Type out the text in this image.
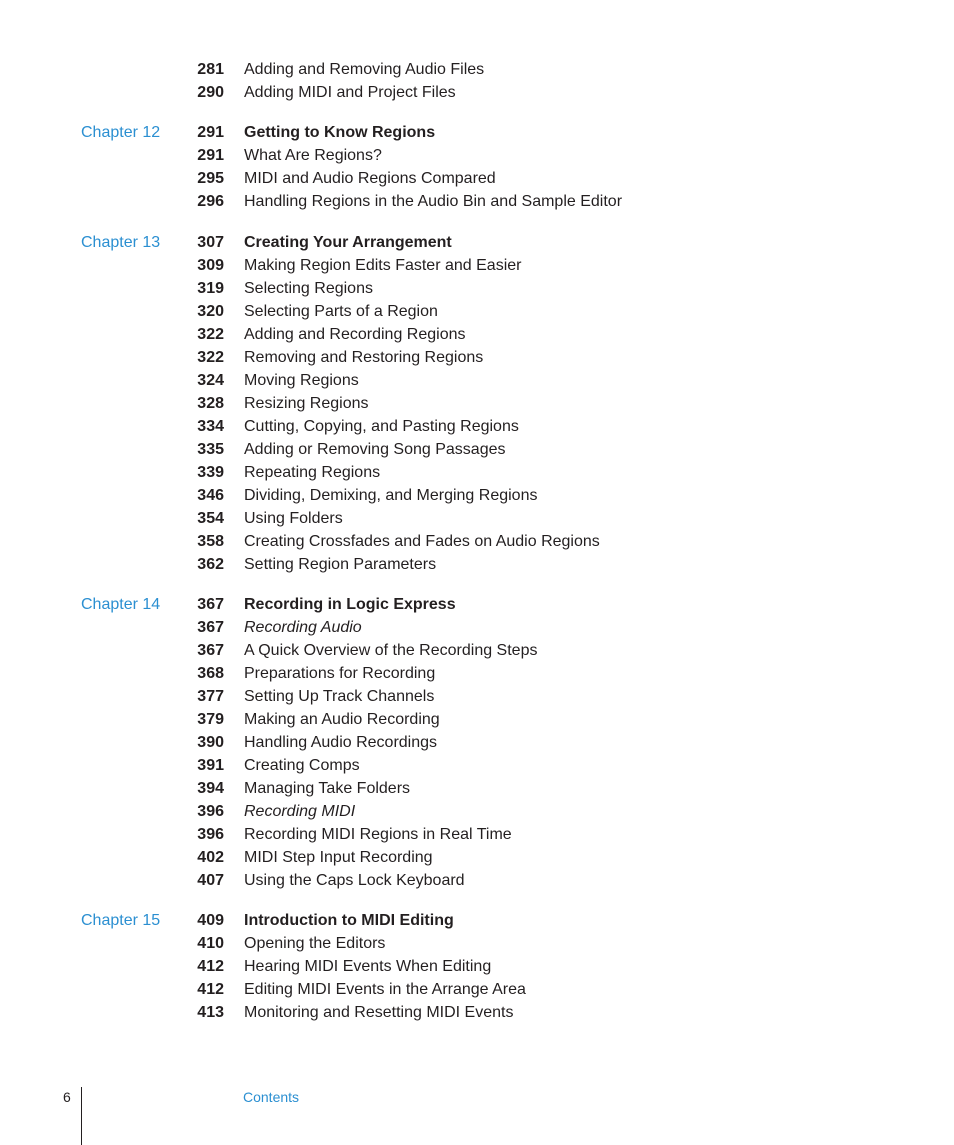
281 Adding and Removing Audio Files
290 Adding MIDI and Project Files
Chapter 12	291 Getting to Know Regions
291 What Are Regions?
295 MIDI and Audio Regions Compared
296 Handling Regions in the Audio Bin and Sample Editor
Chapter 13	307 Creating Your Arrangement
309 Making Region Edits Faster and Easier
319 Selecting Regions
320 Selecting Parts of a Region
322 Adding and Recording Regions
322 Removing and Restoring Regions
324 Moving Regions
328 Resizing Regions
334 Cutting, Copying, and Pasting Regions
335 Adding or Removing Song Passages
339 Repeating Regions
346 Dividing, Demixing, and Merging Regions
354 Using Folders
358 Creating Crossfades and Fades on Audio Regions
362 Setting Region Parameters
Chapter 14	367 Recording in Logic Express
367 Recording Audio
367 A Quick Overview of the Recording Steps
368 Preparations for Recording
377 Setting Up Track Channels
379 Making an Audio Recording
390 Handling Audio Recordings
391 Creating Comps
394 Managing Take Folders
396 Recording MIDI
396 Recording MIDI Regions in Real Time
402 MIDI Step Input Recording
407 Using the Caps Lock Keyboard
Chapter 15	409 Introduction to MIDI Editing
410 Opening the Editors
412 Hearing MIDI Events When Editing
412 Editing MIDI Events in the Arrange Area
413 Monitoring and Resetting MIDI Events
6	Contents
